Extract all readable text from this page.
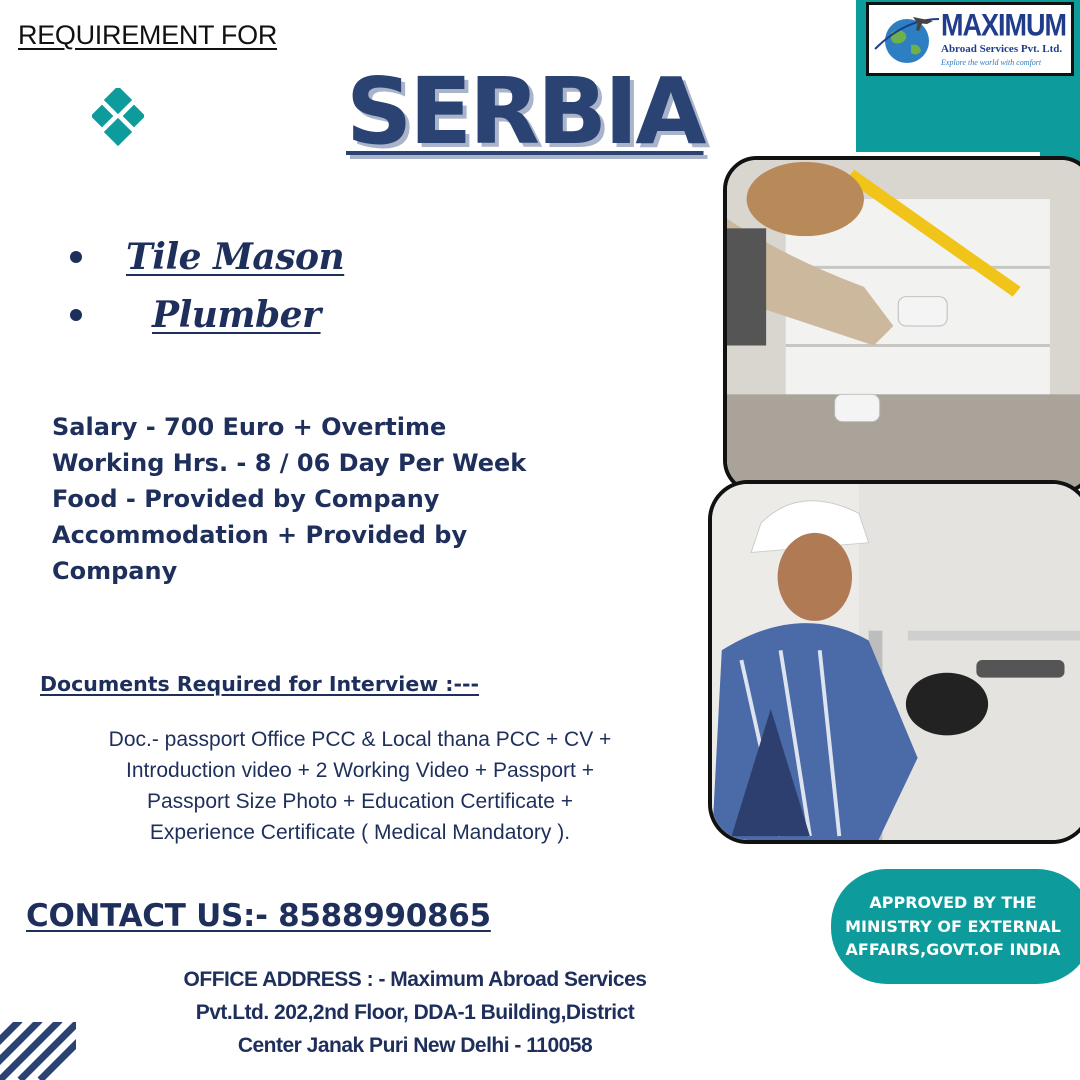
MAXIMUM
Abroad Services Pvt. Ltd.
Explore the world with comfort
REQUIREMENT FOR
SERBIA
Tile Mason
Plumber
Salary - 700 Euro + Overtime
Working Hrs. - 8 / 06 Day Per Week
Food - Provided by Company
Accommodation + Provided by Company
Documents Required for Interview :---
Doc.- passport Office PCC & Local thana PCC + CV +
Introduction video + 2 Working Video + Passport +
Passport Size Photo + Education Certificate +
Experience Certificate ( Medical Mandatory ).
CONTACT US:- 8588990865
OFFICE ADDRESS : - Maximum Abroad Services
Pvt.Ltd. 202,2nd Floor, DDA-1 Building,District
Center Janak Puri New Delhi - 110058
APPROVED BY THE
MINISTRY OF EXTERNAL
AFFAIRS,GOVT.OF INDIA
